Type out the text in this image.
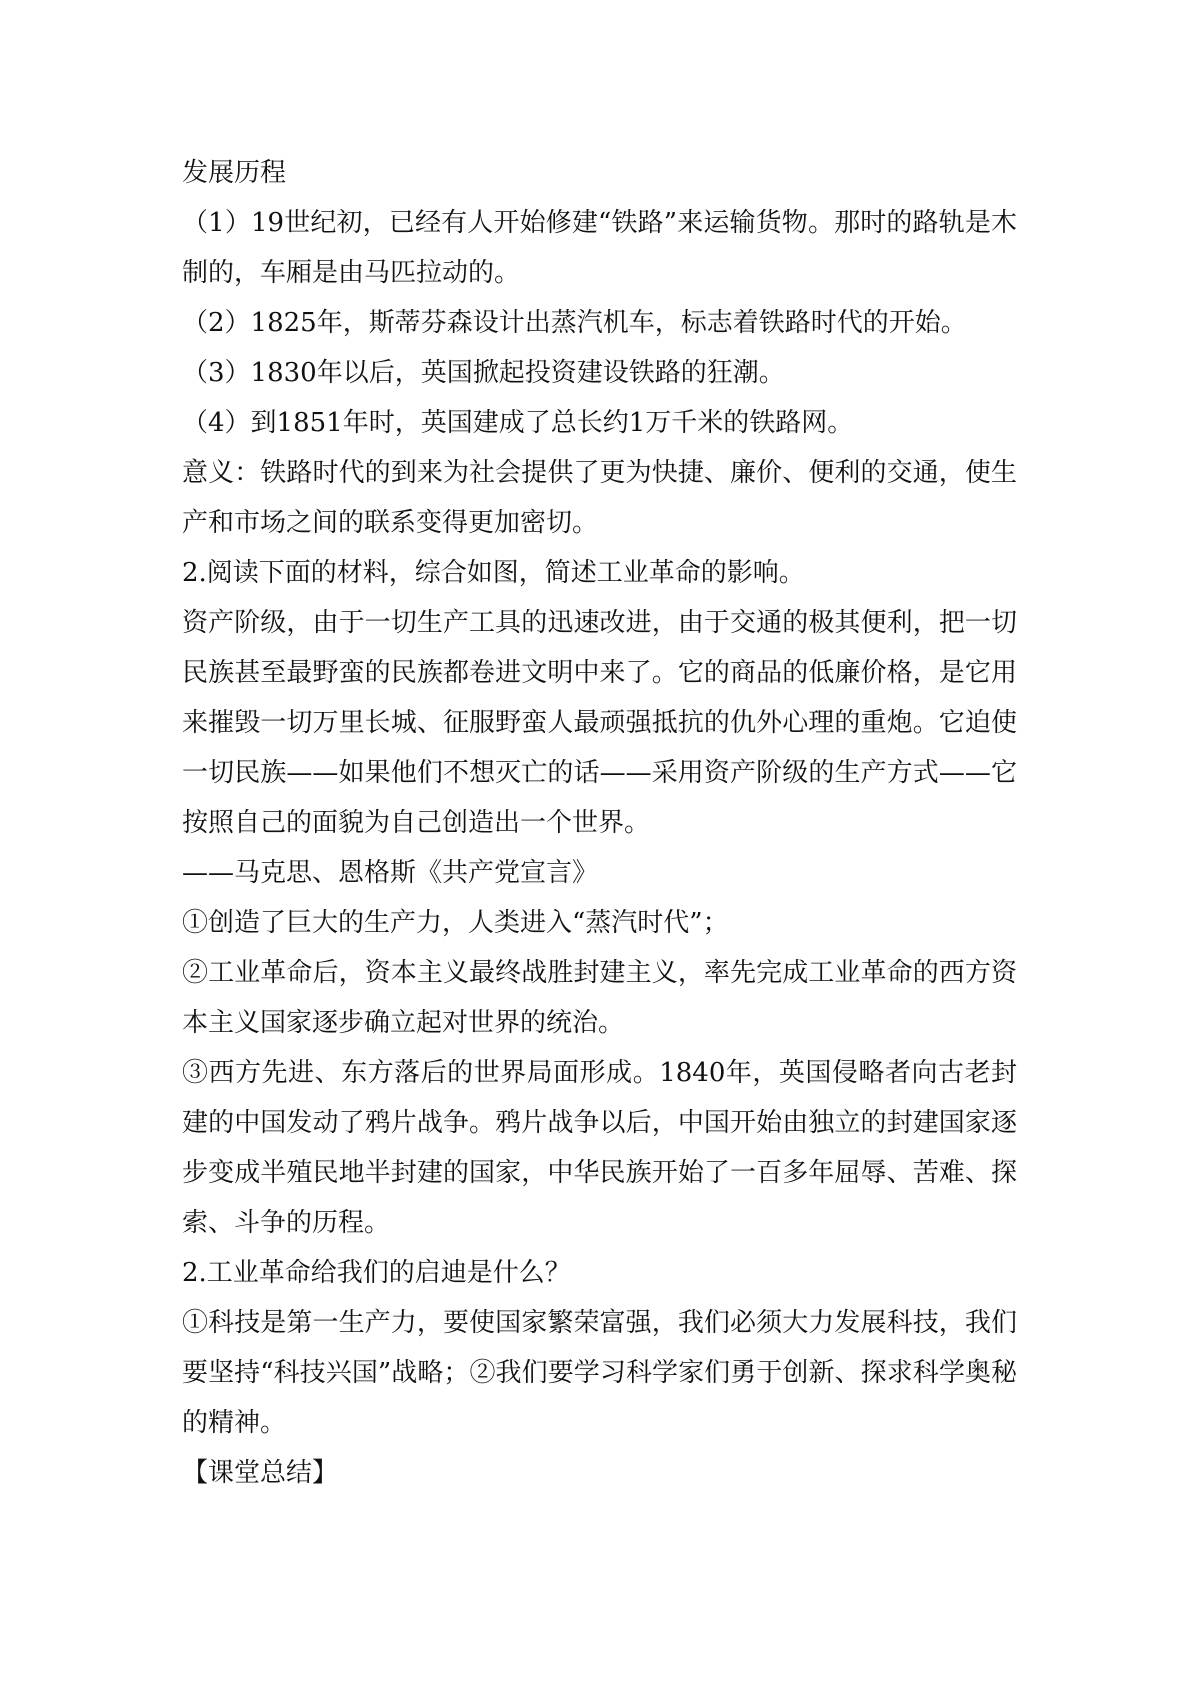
发展历程

（1）19世纪初，已经有人开始修建“铁路”来运输货物。那时的路轨是木制的，车厢是由马匹拉动的。

（2）1825年，斯蒂芬森设计出蒸汽机车，标志着铁路时代的开始。

（3）1830年以后，英国掀起投资建设铁路的狂潮。

（4）到1851年时，英国建成了总长约1万千米的铁路网。

意义：铁路时代的到来为社会提供了更为快捷、廉价、便利的交通，使生产和市场之间的联系变得更加密切。

2.阅读下面的材料，综合如图，简述工业革命的影响。

资产阶级，由于一切生产工具的迅速改进，由于交通的极其便利，把一切民族甚至最野蛮的民族都卷进文明中来了。它的商品的低廉价格，是它用来摧毁一切万里长城、征服野蛮人最顽强抵抗的仇外心理的重炮。它迫使一切民族——如果他们不想灭亡的话——采用资产阶级的生产方式——它按照自己的面貌为自己创造出一个世界。

——马克思、恩格斯《共产党宣言》

①创造了巨大的生产力，人类进入“蒸汽时代”；

②工业革命后，资本主义最终战胜封建主义，率先完成工业革命的西方资本主义国家逐步确立起对世界的统治。

③西方先进、东方落后的世界局面形成。1840年，英国侵略者向古老封建的中国发动了鸦片战争。鸦片战争以后，中国开始由独立的封建国家逐步变成半殖民地半封建的国家，中华民族开始了一百多年屈辱、苦难、探索、斗争的历程。

2.工业革命给我们的启迪是什么？

①科技是第一生产力，要使国家繁荣富强，我们必须大力发展科技，我们要坚持“科技兴国”战略；②我们要学习科学家们勇于创新、探求科学奥秘的精神。

【课堂总结】
